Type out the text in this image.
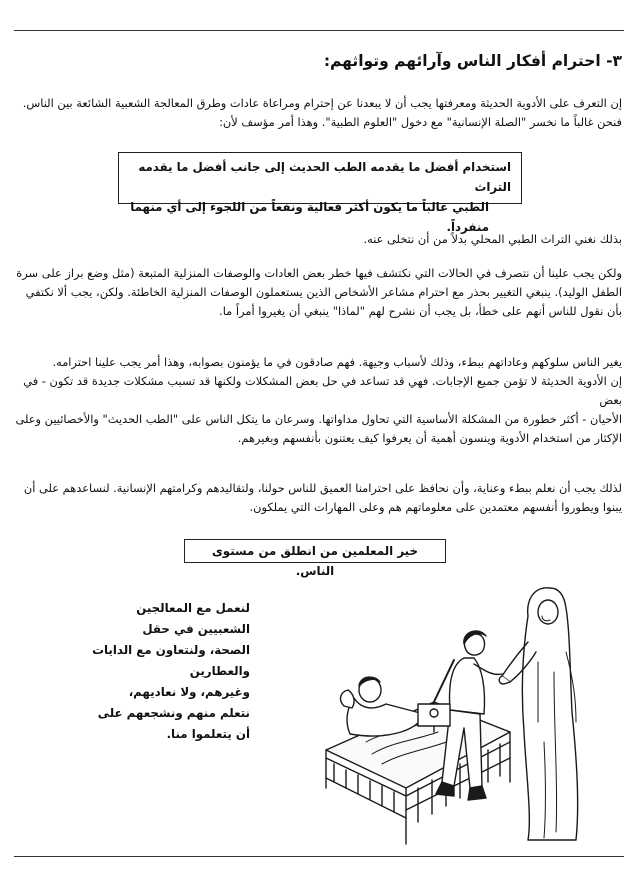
٣- احترام أفكار الناس وآرائهم وتواثهم:

إن التعرف على الأدوية الحديثة ومعرفتها يجب أن لا يبعدنا عن إحترام ومراعاة عادات وطرق المعالجة الشعبية الشائعة بين الناس.

فنحن غالباً ما نخسر "الصلة الإنسانية" مع دخول "العلوم الطبية". وهذا أمر مؤسف لأن:

استخدام أفضل ما يقدمه الطب الحديث إلى جانب أفضل ما يقدمه التراث

الطبي غالباً ما يكون أكثر فعالية ونفعاً من اللجوء إلى أي منهما منفرداً.

بذلك نغني التراث الطبي المحلي بدلاً من أن نتخلى عنه.

ولكن يجب علينا أن نتصرف في الحالات التي نكتشف فيها خطر بعض العادات والوصفات المنزلية المتبعة (مثل وضع براز على سرة

الطفل الوليد). ينبغي التغيير بحذر مع احترام مشاعر الأشخاص الذين يستعملون الوصفات المنزلية الخاطئة. ولكن، يجب ألا نكتفي

بأن نقول للناس أنهم على خطأ، بل يجب أن نشرح لهم "لماذا" ينبغي أن يغيروا أمراً ما.

يغير الناس سلوكهم وعاداتهم ببطء، وذلك لأسباب وجيهة. فهم صادقون في ما يؤمنون بصوابه، وهذا أمر يجب علينا احترامه.

إن الأدوية الحديثة لا تؤمن جميع الإجابات. فهي قد تساعد في حل بعض المشكلات ولكنها قد تسبب مشكلات جديدة قد تكون - في بعض

الأحيان - أكثر خطورة من المشكلة الأساسية التي تحاول مداواتها. وسرعان ما يتكل الناس على "الطب الحديث" والأخصائيين وعلى

الإكثار من استخدام الأدوية وينسون أهمية أن يعرفوا كيف يعتنون بأنفسهم وبغيرهم.

لذلك يجب أن نعلم ببطء وعناية، وأن نحافظ على احترامنا العميق للناس حولنا، ولتقاليدهم وكرامتهم الإنسانية. لنساعدهم على أن

يبنوا ويطوروا أنفسهم معتمدين على معلوماتهم هم وعلى المهارات التي يملكون.

خير المعلمين من انطلق من مستوى الناس.

لنعمل مع المعالجين الشعبيين في حقل

الصحة، ولنتعاون مع الدايات والعطارين

وغيرهم، ولا نعاديهم،

نتعلم منهم ونشجعهم على أن يتعلموا منا.
